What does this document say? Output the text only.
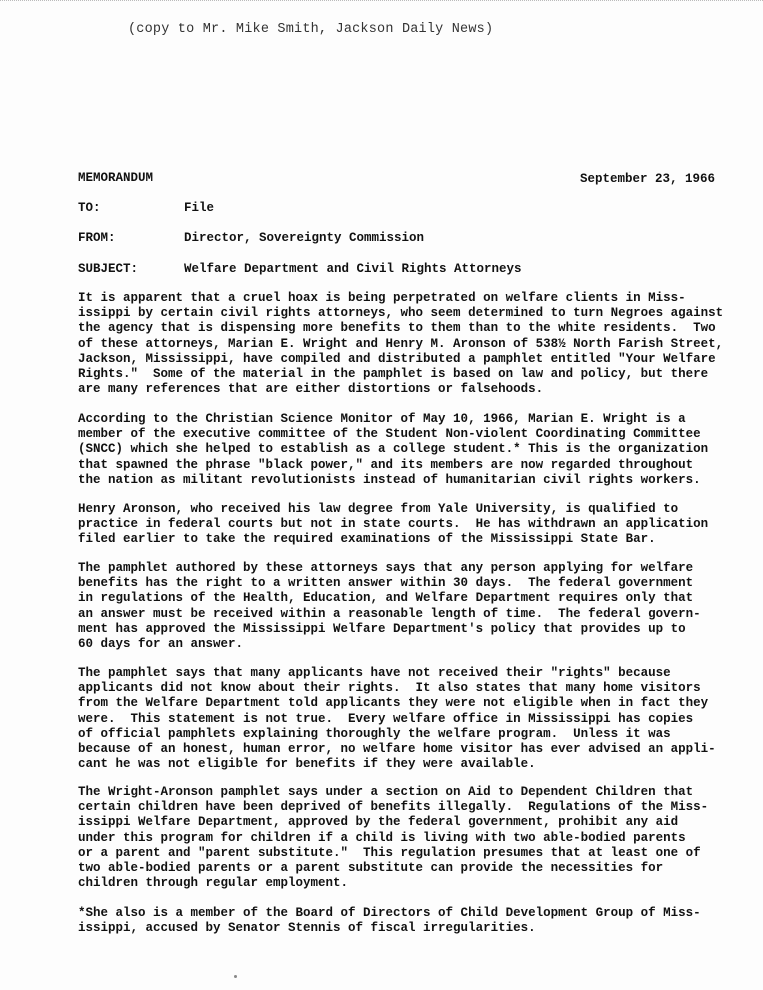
(copy to Mr. Mike Smith, Jackson Daily News)
MEMORANDUM	September 23, 1966
TO:	File
FROM:	Director, Sovereignty Commission
SUBJECT:	Welfare Department and Civil Rights Attorneys

It is apparent that a cruel hoax is being perpetrated on welfare clients in Miss-

issippi by certain civil rights attorneys, who seem determined to turn Negroes against

the agency that is dispensing more benefits to them than to the white residents.  Two

of these attorneys, Marian E. Wright and Henry M. Aronson of 538½ North Farish Street,

Jackson, Mississippi, have compiled and distributed a pamphlet entitled "Your Welfare

Rights."  Some of the material in the pamphlet is based on law and policy, but there

are many references that are either distortions or falsehoods.

According to the Christian Science Monitor of May 10, 1966, Marian E. Wright is a

member of the executive committee of the Student Non-violent Coordinating Committee

(SNCC) which she helped to establish as a college student.* This is the organization

that spawned the phrase "black power," and its members are now regarded throughout

the nation as militant revolutionists instead of humanitarian civil rights workers.

Henry Aronson, who received his law degree from Yale University, is qualified to

practice in federal courts but not in state courts.  He has withdrawn an application

filed earlier to take the required examinations of the Mississippi State Bar.

The pamphlet authored by these attorneys says that any person applying for welfare

benefits has the right to a written answer within 30 days.  The federal government

in regulations of the Health, Education, and Welfare Department requires only that

an answer must be received within a reasonable length of time.  The federal govern-

ment has approved the Mississippi Welfare Department's policy that provides up to

60 days for an answer.

The pamphlet says that many applicants have not received their "rights" because

applicants did not know about their rights.  It also states that many home visitors

from the Welfare Department told applicants they were not eligible when in fact they

were.  This statement is not true.  Every welfare office in Mississippi has copies

of official pamphlets explaining thoroughly the welfare program.  Unless it was

because of an honest, human error, no welfare home visitor has ever advised an appli-

cant he was not eligible for benefits if they were available.

The Wright-Aronson pamphlet says under a section on Aid to Dependent Children that

certain children have been deprived of benefits illegally.  Regulations of the Miss-

issippi Welfare Department, approved by the federal government, prohibit any aid

under this program for children if a child is living with two able-bodied parents

or a parent and "parent substitute."  This regulation presumes that at least one of

two able-bodied parents or a parent substitute can provide the necessities for

children through regular employment.

*She also is a member of the Board of Directors of Child Development Group of Miss-

issippi, accused by Senator Stennis of fiscal irregularities.
